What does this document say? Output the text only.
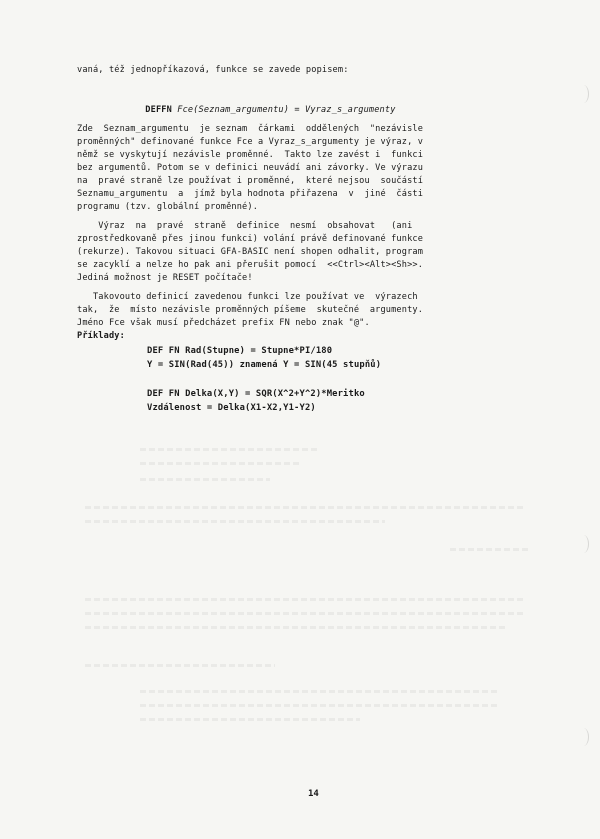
vaná, též jednopříkazová, funkce se zavede popisem:

DEFFN Fce(Seznam_argumentu) = Vyraz_s_argumenty

Zde  Seznam_argumentu  je seznam  čárkami  oddělených  "nezávisle
proměnných" definované funkce Fce a Vyraz_s_argumenty je výraz, v
němž se vyskytují nezávisle proměnné.  Takto lze zavést i  funkci
bez argumentů. Potom se v definici neuvádí ani závorky. Ve výrazu
na  pravé straně lze používat i proměnné,  které nejsou  součástí
Seznamu_argumentu  a  jímž byla hodnota přiřazena  v  jiné  části
programu (tzv. globální proměnné).
Výraz  na  pravé  straně  definice  nesmí  obsahovat   (ani
zprostředkovaně přes jinou funkci) volání právě definované funkce
(rekurze). Takovou situaci GFA-BASIC není shopen odhalit, program
se zacyklí a nelze ho pak ani přerušit pomocí  <<Ctrl><Alt><Sh>>.
Jediná možnost je RESET počítače!
Takovouto definicí zavedenou funkci lze používat ve  výrazech
tak,  že  místo nezávisle proměnných píšeme  skutečné  argumenty.
Jméno Fce však musí předcházet prefix FN nebo znak "@".
Příklady:
DEF FN Rad(Stupne) = Stupne*PI/180
Y = SIN(Rad(45)) znamená Y = SIN(45 stupňů)
DEF FN Delka(X,Y) = SQR(X^2+Y^2)*Meritko
Vzdálenost = Delka(X1-X2,Y1-Y2)
14
